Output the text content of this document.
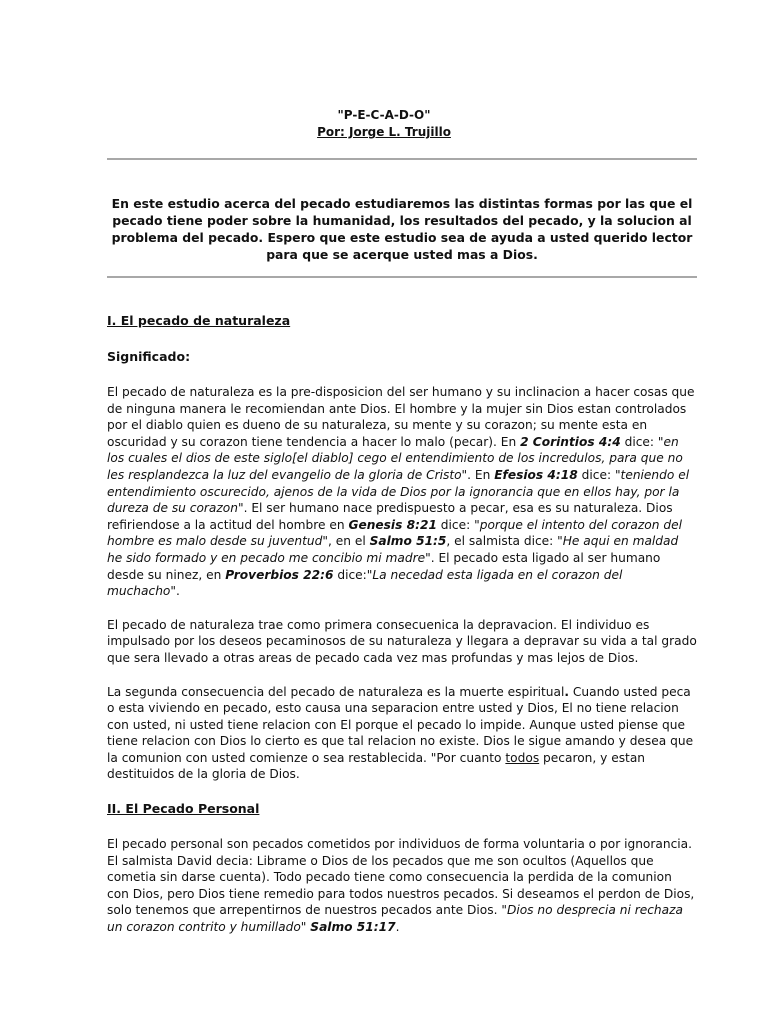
"P-E-C-A-D-O"
Por: Jorge L. Trujillo
En este estudio acerca del pecado estudiaremos las distintas formas por las que el pecado tiene poder sobre la humanidad, los resultados del pecado, y la solucion al problema del pecado. Espero que este estudio sea de ayuda a usted querido lector para que se acerque usted mas a Dios.
I. El pecado de naturaleza
Significado:

El pecado de naturaleza es la pre-disposicion del ser humano y su inclinacion a hacer cosas que de ninguna manera le recomiendan ante Dios. El hombre y la mujer sin Dios estan controlados por el diablo quien es dueno de su naturaleza, su mente y su corazon; su mente esta en oscuridad y su corazon tiene tendencia a hacer lo malo (pecar). En 2 Corintios 4:4 dice: "en los cuales el dios de este siglo[el diablo] cego el entendimiento de los incredulos, para que no les resplandezca la luz del evangelio de la gloria de Cristo". En Efesios 4:18 dice: "teniendo el entendimiento oscurecido, ajenos de la vida de Dios por la ignorancia que en ellos hay, por la dureza de su corazon". El ser humano nace predispuesto a pecar, esa es su naturaleza. Dios refiriendose a la actitud del hombre en Genesis 8:21 dice: "porque el intento del corazon del hombre es malo desde su juventud", en el Salmo 51:5, el salmista dice: "He aqui en maldad he sido formado y en pecado me concibio mi madre". El pecado esta ligado al ser humano desde su ninez, en Proverbios 22:6 dice:"La necedad esta ligada en el corazon del muchacho".

El pecado de naturaleza trae como primera consecuenica la depravacion. El individuo es impulsado por los deseos pecaminosos de su naturaleza y llegara a depravar su vida a tal grado que sera llevado a otras areas de pecado cada vez mas profundas y mas lejos de Dios.

La segunda consecuencia del pecado de naturaleza es la muerte espiritual. Cuando usted peca o esta viviendo en pecado, esto causa una separacion entre usted y Dios, El no tiene relacion con usted, ni usted tiene relacion con El porque el pecado lo impide. Aunque usted piense que tiene relacion con Dios lo cierto es que tal relacion no existe. Dios le sigue amando y desea que la comunion con usted comienze o sea restablecida. "Por cuanto todos pecaron, y estan destituidos de la gloria de Dios.

II. El Pecado Personal

El pecado personal son pecados cometidos por individuos de forma voluntaria o por ignorancia. El salmista David decia: Librame o Dios de los pecados que me son ocultos (Aquellos que cometia sin darse cuenta). Todo pecado tiene como consecuencia la perdida de la comunion con Dios, pero Dios tiene remedio para todos nuestros pecados. Si deseamos el perdon de Dios, solo tenemos que arrepentirnos de nuestros pecados ante Dios. "Dios no desprecia ni rechaza un corazon contrito y humillado" Salmo 51:17.
